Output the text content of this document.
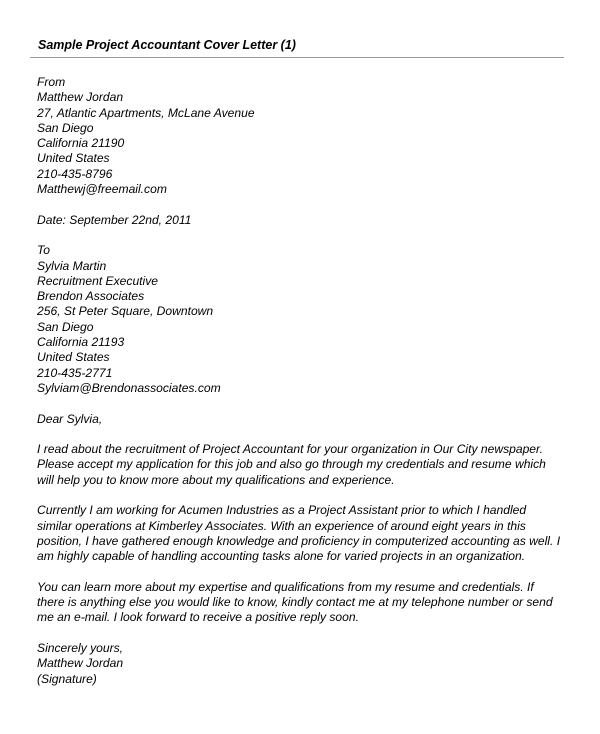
Sample Project Accountant Cover Letter (1)
From
Matthew Jordan
27, Atlantic Apartments, McLane Avenue
San Diego
California 21190
United States
210-435-8796
Matthewj@freemail.com
Date: September 22nd, 2011
To
Sylvia Martin
Recruitment Executive
Brendon Associates
256, St Peter Square, Downtown
San Diego
California 21193
United States
210-435-2771
Sylviam@Brendonassociates.com
Dear Sylvia,
I read about the recruitment of Project Accountant for your organization in Our City newspaper.
Please accept my application for this job and also go through my credentials and resume which
will help you to know more about my qualifications and experience.
Currently I am working for Acumen Industries as a Project Assistant prior to which I handled
similar operations at Kimberley Associates. With an experience of around eight years in this
position, I have gathered enough knowledge and proficiency in computerized accounting as well. I
am highly capable of handling accounting tasks alone for varied projects in an organization.
You can learn more about my expertise and qualifications from my resume and credentials. If
there is anything else you would like to know, kindly contact me at my telephone number or send
me an e-mail. I look forward to receive a positive reply soon.
Sincerely yours,
Matthew Jordan
(Signature)
